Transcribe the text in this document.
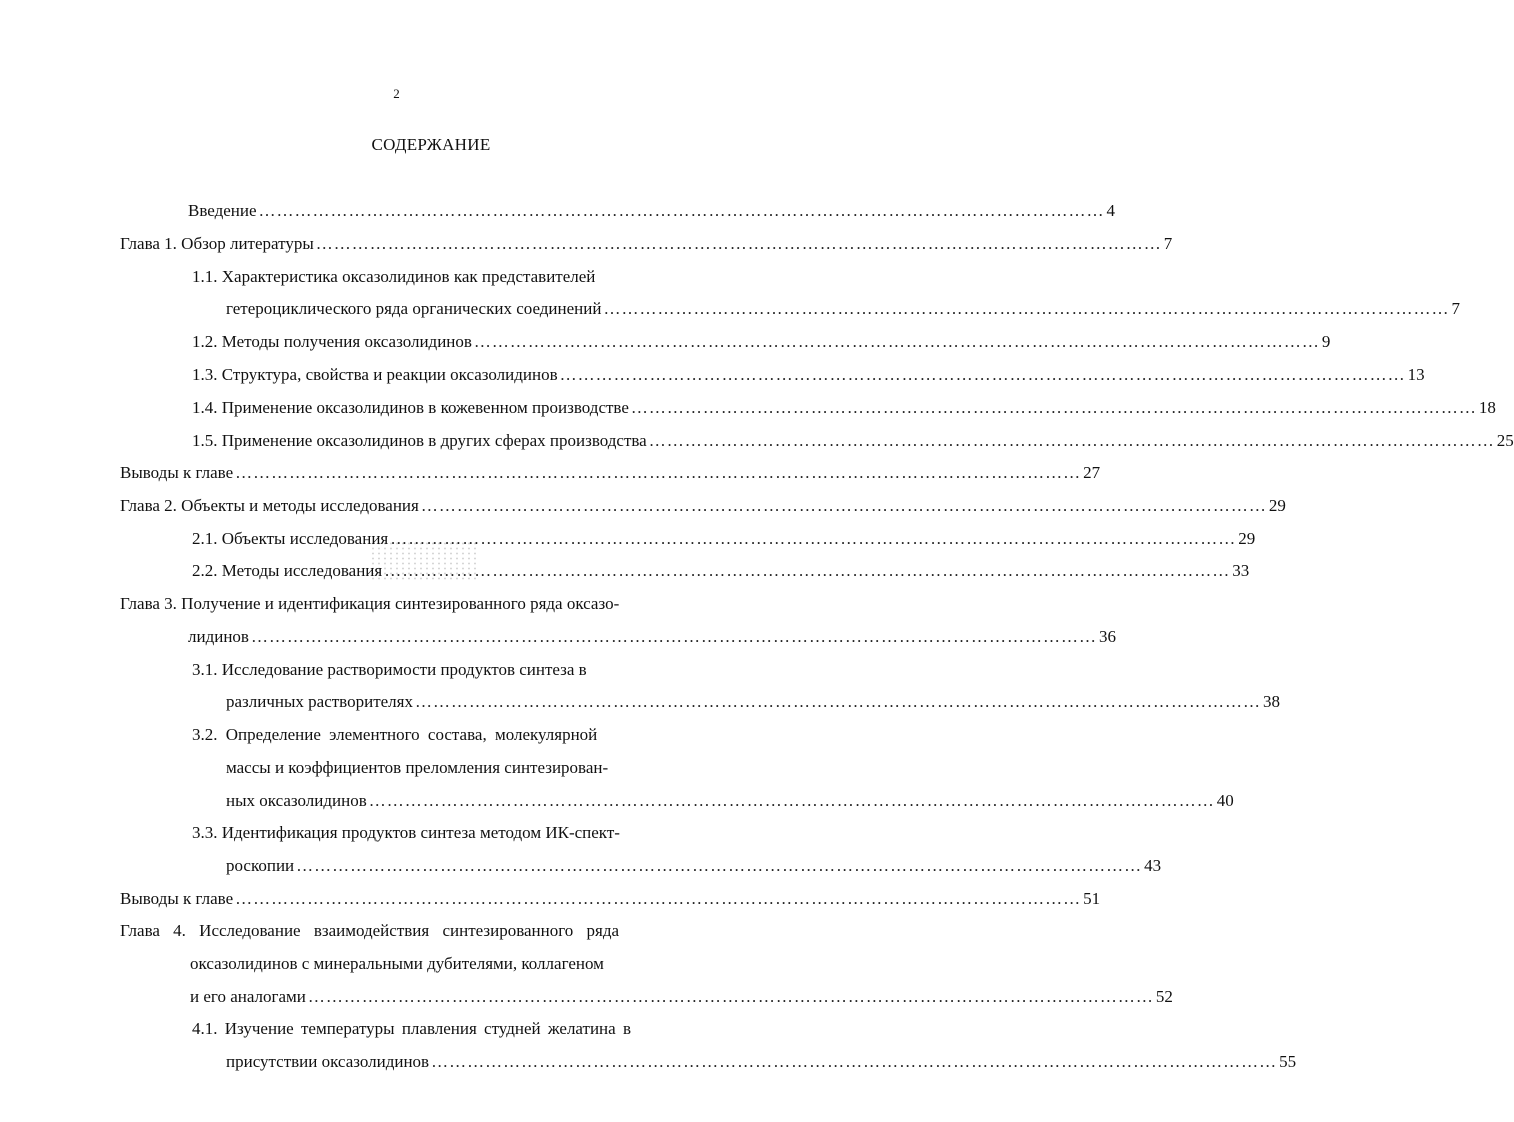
2
СОДЕРЖАНИЕ
Введение …………………………………………………………………………………………………………………………… 4
Глава 1. Обзор литературы …………………………………………………………………………………………………………………………… 7
1.1. Характеристика оксазолидинов как представителей
гетероциклического ряда органических соединений …………………………………………………………………………………………………………………………… 7
1.2. Методы получения оксазолидинов …………………………………………………………………………………………………………………………… 9
1.3. Структура, свойства и реакции оксазолидинов …………………………………………………………………………………………………………………………… 13
1.4. Применение оксазолидинов в кожевенном производстве …………………………………………………………………………………………………………………………… 18
1.5. Применение оксазолидинов в других сферах производства …………………………………………………………………………………………………………………………… 25
Выводы к главе …………………………………………………………………………………………………………………………… 27
Глава 2. Объекты и методы исследования …………………………………………………………………………………………………………………………… 29
2.1. Объекты исследования …………………………………………………………………………………………………………………………… 29
2.2. Методы исследования …………………………………………………………………………………………………………………………… 33
Глава 3. Получение и идентификация синтезированного ряда оксазо-
лидинов …………………………………………………………………………………………………………………………… 36
3.1. Исследование растворимости продуктов синтеза в
различных растворителях …………………………………………………………………………………………………………………………… 38
3.2. Определение элементного состава, молекулярной
массы и коэффициентов преломления синтезирован-
ных оксазолидинов …………………………………………………………………………………………………………………………… 40
3.3. Идентификация продуктов синтеза методом ИК-спект-
роскопии …………………………………………………………………………………………………………………………… 43
Выводы к главе …………………………………………………………………………………………………………………………… 51
Глава 4. Исследование взаимодействия синтезированного ряда
оксазолидинов с минеральными дубителями, коллагеном
и его аналогами …………………………………………………………………………………………………………………………… 52
4.1. Изучение температуры плавления студней желатина в
присутствии оксазолидинов …………………………………………………………………………………………………………………………… 55
